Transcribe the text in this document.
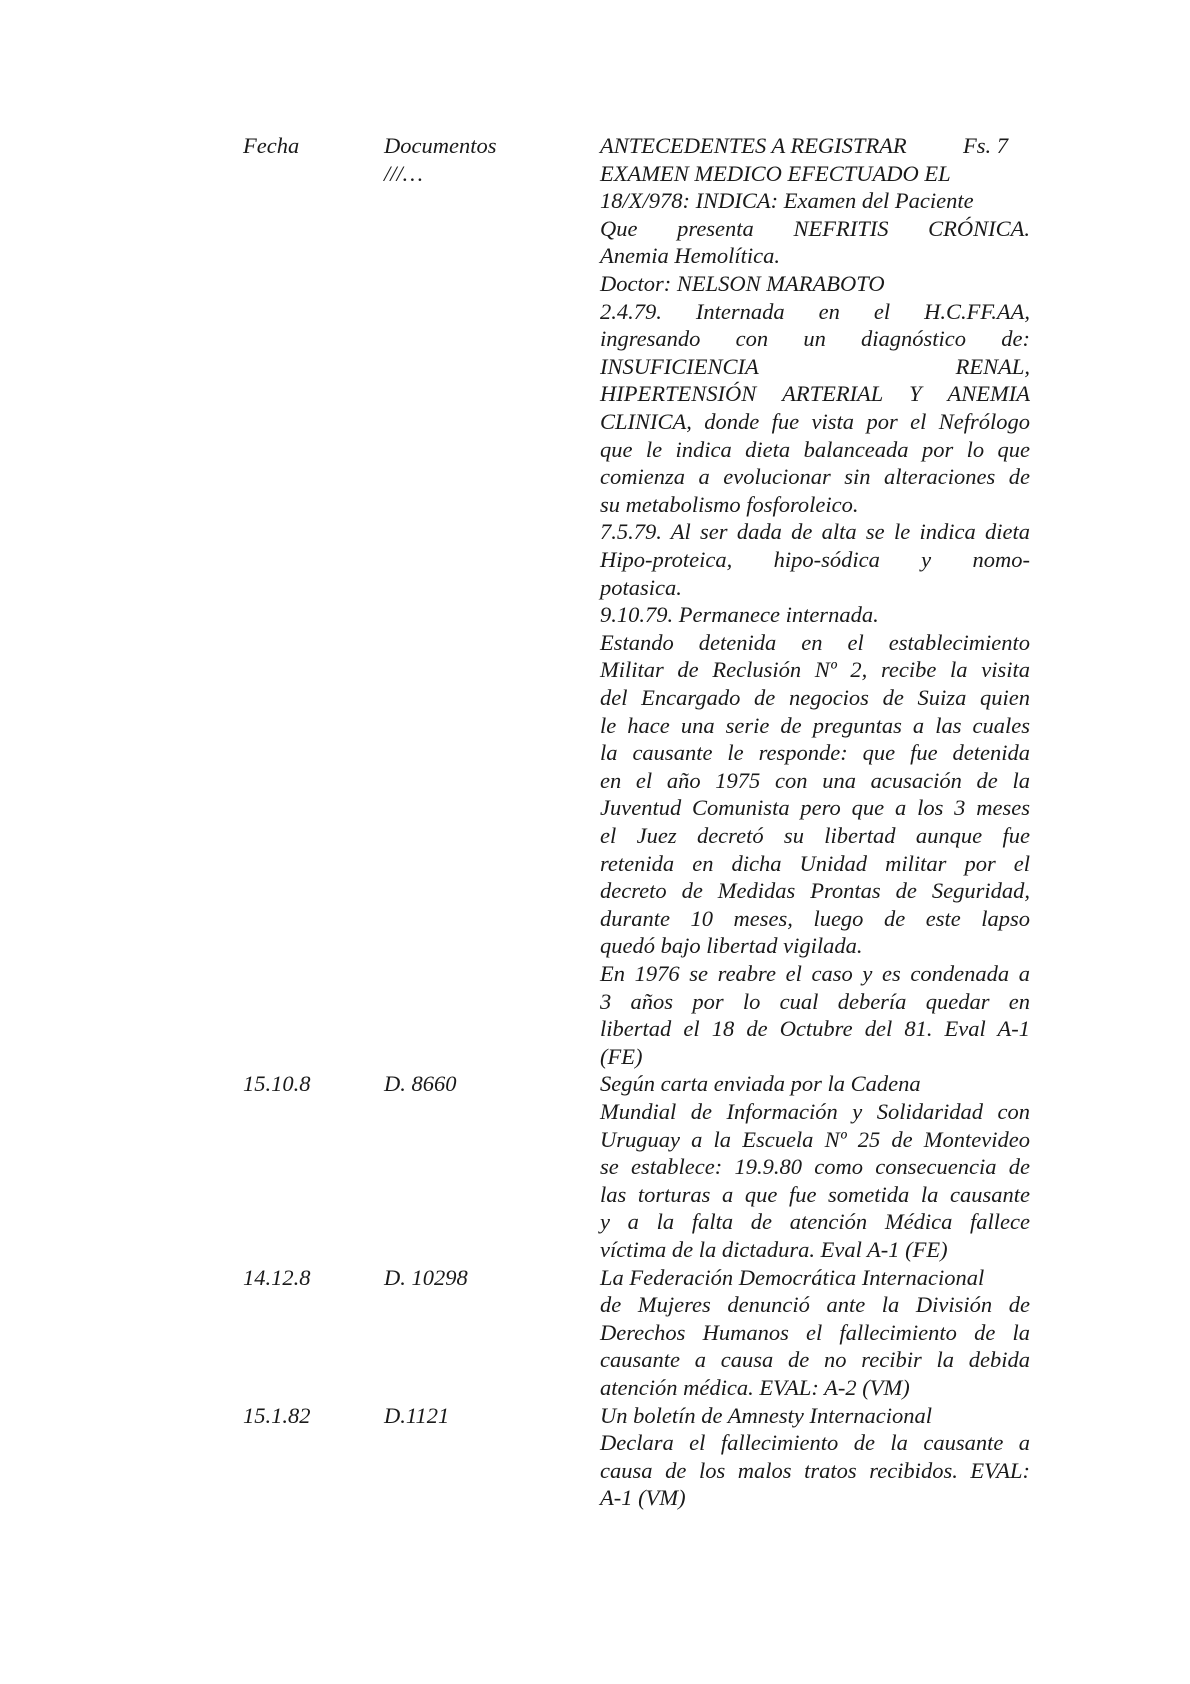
Fecha
15.10.8
14.12.8
15.1.82
Documentos
///…
D. 8660
D. 10298
D.1121
ANTECEDENTES A REGISTRAR	Fs. 7
EXAMEN MEDICO EFECTUADO EL
18/X/978: INDICA: Examen del Paciente
Que presenta NEFRITIS CRÓNICA.
Anemia Hemolítica.
Doctor: NELSON MARABOTO
2.4.79. Internada en el H.C.FF.AA,
ingresando con un diagnóstico de:
INSUFICIENCIA RENAL,
HIPERTENSIÓN ARTERIAL Y ANEMIA
CLINICA, donde fue vista por el Nefrólogo
que le indica dieta balanceada por lo que
comienza a evolucionar sin alteraciones de
su metabolismo fosforoleico.
7.5.79. Al ser dada de alta se le indica dieta
Hipo-proteica, hipo-sódica y nomo-
potasica.
9.10.79. Permanece internada.
Estando detenida en el establecimiento
Militar de Reclusión Nº 2, recibe la visita
del Encargado de negocios de Suiza quien
le hace una serie de preguntas a las cuales
la causante le responde: que fue detenida
en el año 1975 con una acusación de la
Juventud Comunista pero que a los 3 meses
el Juez decretó su libertad aunque fue
retenida en dicha Unidad militar por el
decreto de Medidas Prontas de Seguridad,
durante 10 meses, luego de este lapso
quedó bajo libertad vigilada.
En 1976 se reabre el caso y es condenada a
3 años por lo cual debería quedar en
libertad el 18 de Octubre del 81. Eval A-1
(FE)
Según carta enviada por la Cadena
Mundial de Información y Solidaridad con
Uruguay a la Escuela Nº 25 de Montevideo
se establece: 19.9.80 como consecuencia de
las torturas a que fue sometida la causante
y a la falta de atención Médica fallece
víctima de la dictadura. Eval A-1 (FE)
La Federación Democrática Internacional
de Mujeres denunció ante la División de
Derechos Humanos el fallecimiento de la
causante a causa de no recibir la debida
atención médica. EVAL: A-2 (VM)
Un boletín de Amnesty Internacional
Declara el fallecimiento de la causante a
causa de los malos tratos recibidos. EVAL:
A-1 (VM)
